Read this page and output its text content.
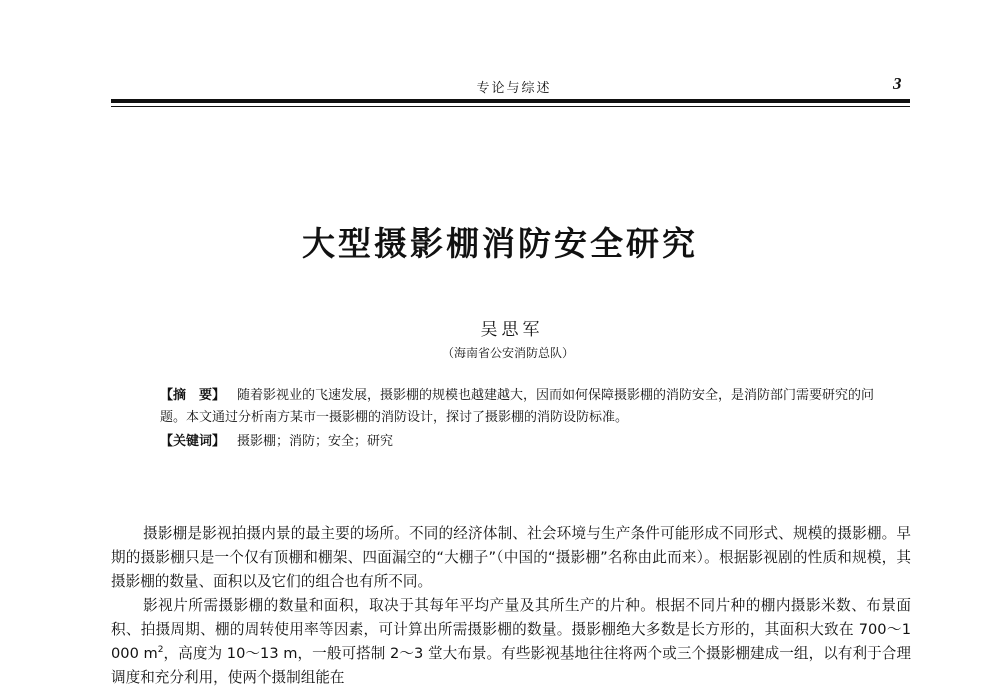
专论与综述	3
大型摄影棚消防安全研究
吴思军
（海南省公安消防总队）

【摘　要】 随着影视业的飞速发展，摄影棚的规模也越建越大，因而如何保障摄影棚的消防安全，是消防部门需要研究的问题。本文通过分析南方某市一摄影棚的消防设计，探讨了摄影棚的消防设防标准。

【关键词】 摄影棚；消防；安全；研究

摄影棚是影视拍摄内景的最主要的场所。不同的经济体制、社会环境与生产条件可能形成不同形式、规模的摄影棚。早期的摄影棚只是一个仅有顶棚和棚架、四面漏空的“大棚子”（中国的“摄影棚”名称由此而来）。根据影视剧的性质和规模，其摄影棚的数量、面积以及它们的组合也有所不同。

影视片所需摄影棚的数量和面积，取决于其每年平均产量及其所生产的片种。根据不同片种的棚内摄影米数、布景面积、拍摄周期、棚的周转使用率等因素，可计算出所需摄影棚的数量。摄影棚绝大多数是长方形的，其面积大致在 700～1 000 $m^2$，高度为 10～13 m，一般可搭制 2～3 堂大布景。有些影视基地往往将两个或三个摄影棚建成一组，以有利于合理调度和充分利用，使两个摄制组能在
